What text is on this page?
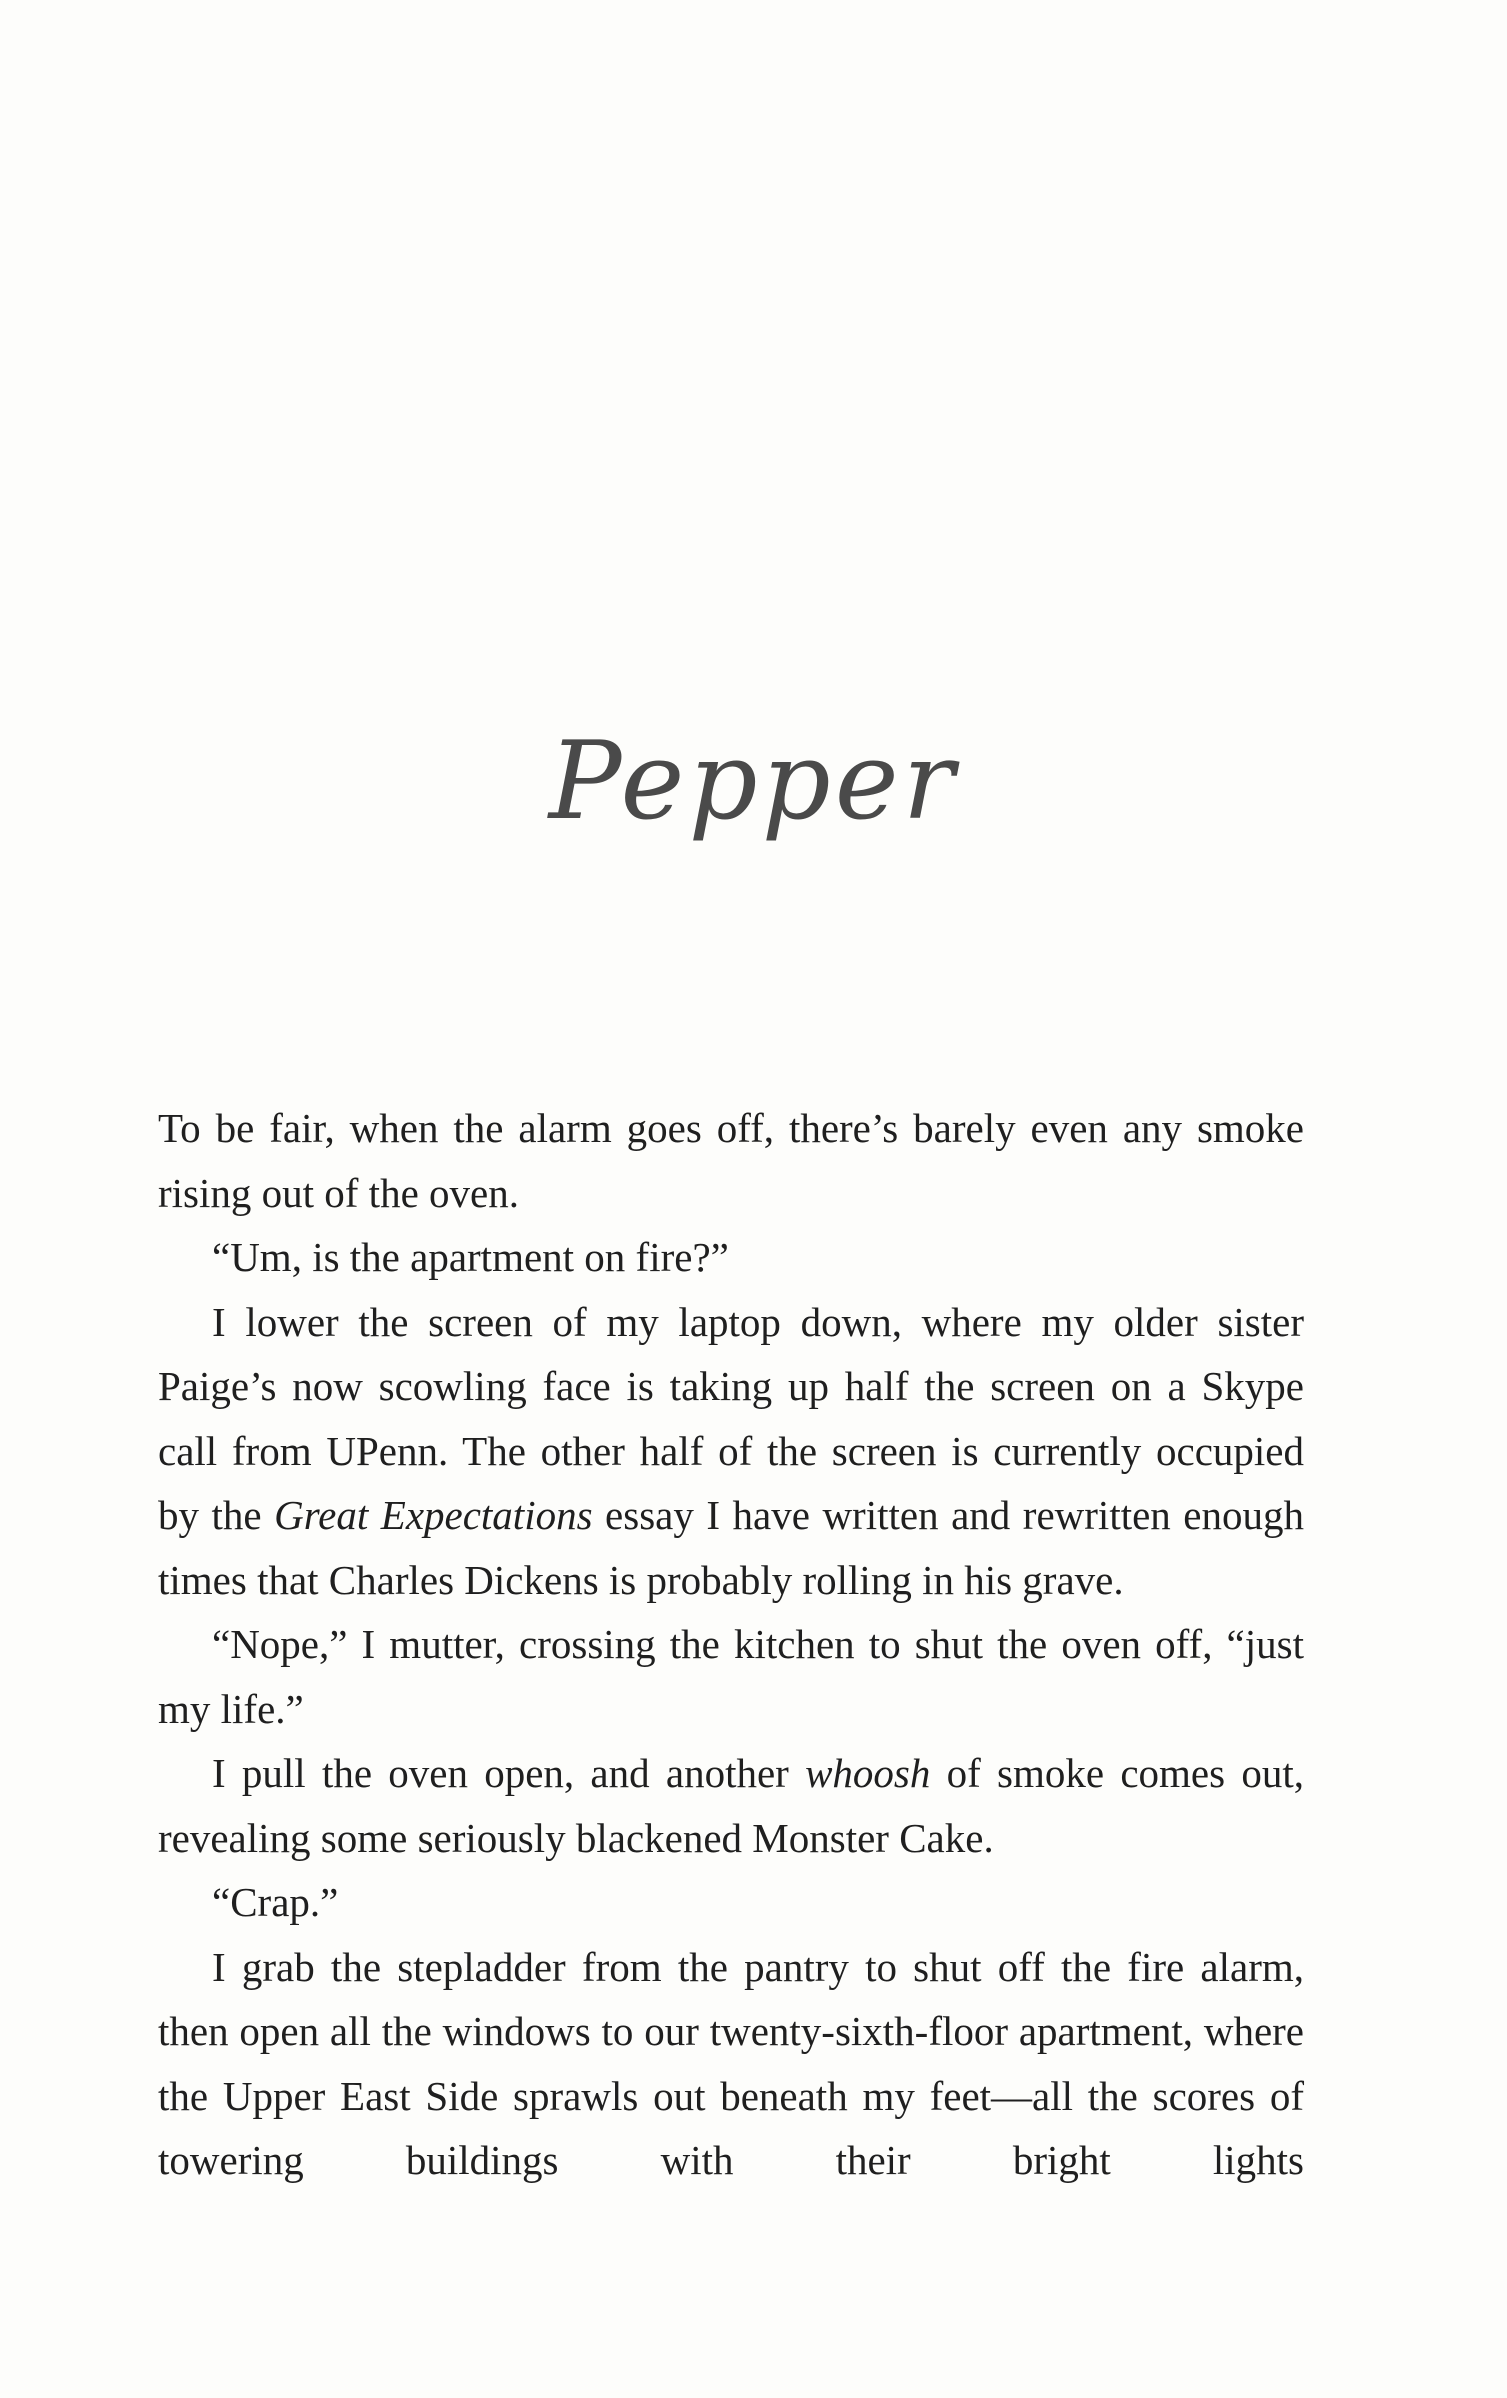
Pepper

To be fair, when the alarm goes off, there’s barely even any smoke rising out of the oven.

“Um, is the apartment on fire?”

I lower the screen of my laptop down, where my older sister Paige’s now scowling face is taking up half the screen on a Skype call from UPenn. The other half of the screen is currently occupied by the Great Expectations essay I have written and rewritten enough times that Charles Dickens is probably rolling in his grave.

“Nope,” I mutter, crossing the kitchen to shut the oven off, “just my life.”

I pull the oven open, and another whoosh of smoke comes out, revealing some seriously blackened Monster Cake.

“Crap.”

I grab the stepladder from the pantry to shut off the fire alarm, then open all the windows to our twenty-sixth-floor apartment, where the Upper East Side sprawls out beneath my feet—all the scores of towering buildings with their bright lights
